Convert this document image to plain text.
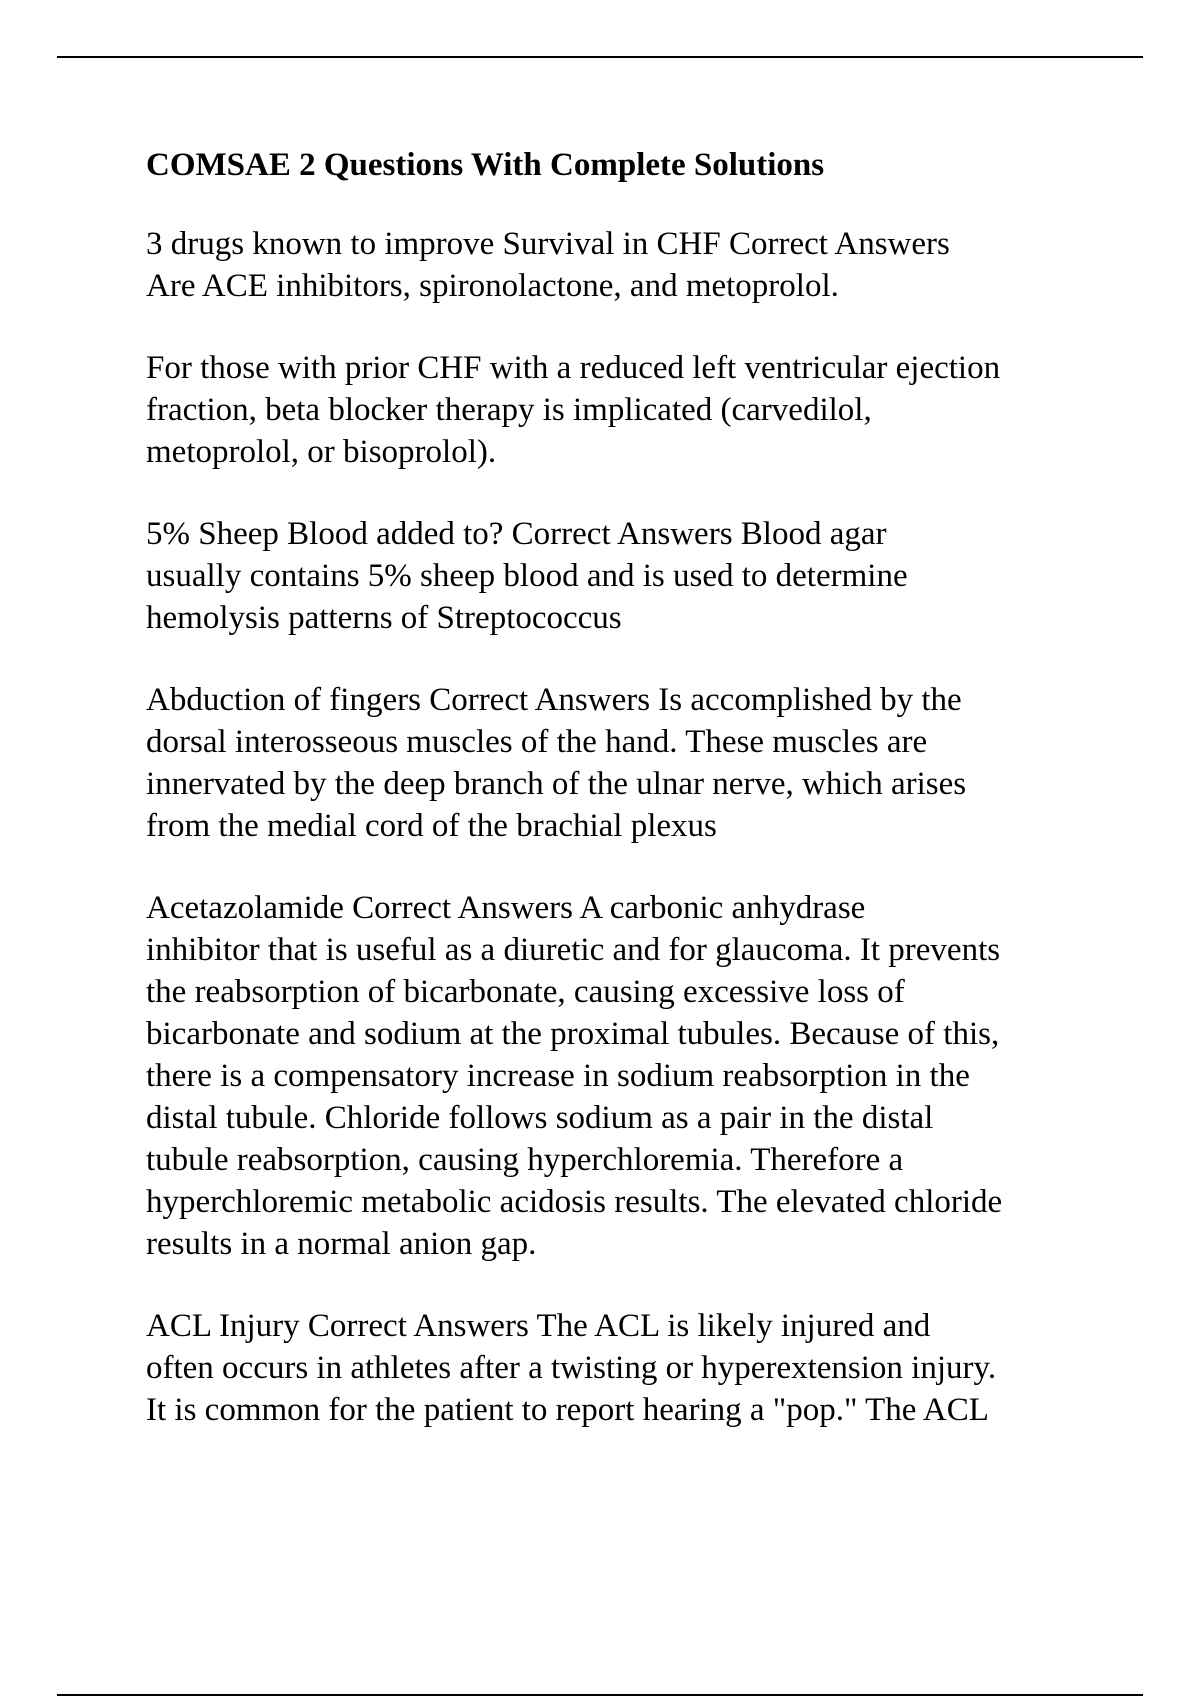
COMSAE 2 Questions With Complete Solutions

3 drugs known to improve Survival in CHF Correct Answers
Are ACE inhibitors, spironolactone, and metoprolol.

For those with prior CHF with a reduced left ventricular ejection
fraction, beta blocker therapy is implicated (carvedilol,
metoprolol, or bisoprolol).

5% Sheep Blood added to? Correct Answers Blood agar
usually contains 5% sheep blood and is used to determine
hemolysis patterns of Streptococcus

Abduction of fingers Correct Answers Is accomplished by the
dorsal interosseous muscles of the hand. These muscles are
innervated by the deep branch of the ulnar nerve, which arises
from the medial cord of the brachial plexus

Acetazolamide Correct Answers A carbonic anhydrase
inhibitor that is useful as a diuretic and for glaucoma. It prevents
the reabsorption of bicarbonate, causing excessive loss of
bicarbonate and sodium at the proximal tubules. Because of this,
there is a compensatory increase in sodium reabsorption in the
distal tubule. Chloride follows sodium as a pair in the distal
tubule reabsorption, causing hyperchloremia. Therefore a
hyperchloremic metabolic acidosis results. The elevated chloride
results in a normal anion gap.

ACL Injury Correct Answers The ACL is likely injured and
often occurs in athletes after a twisting or hyperextension injury.
It is common for the patient to report hearing a "pop." The ACL
